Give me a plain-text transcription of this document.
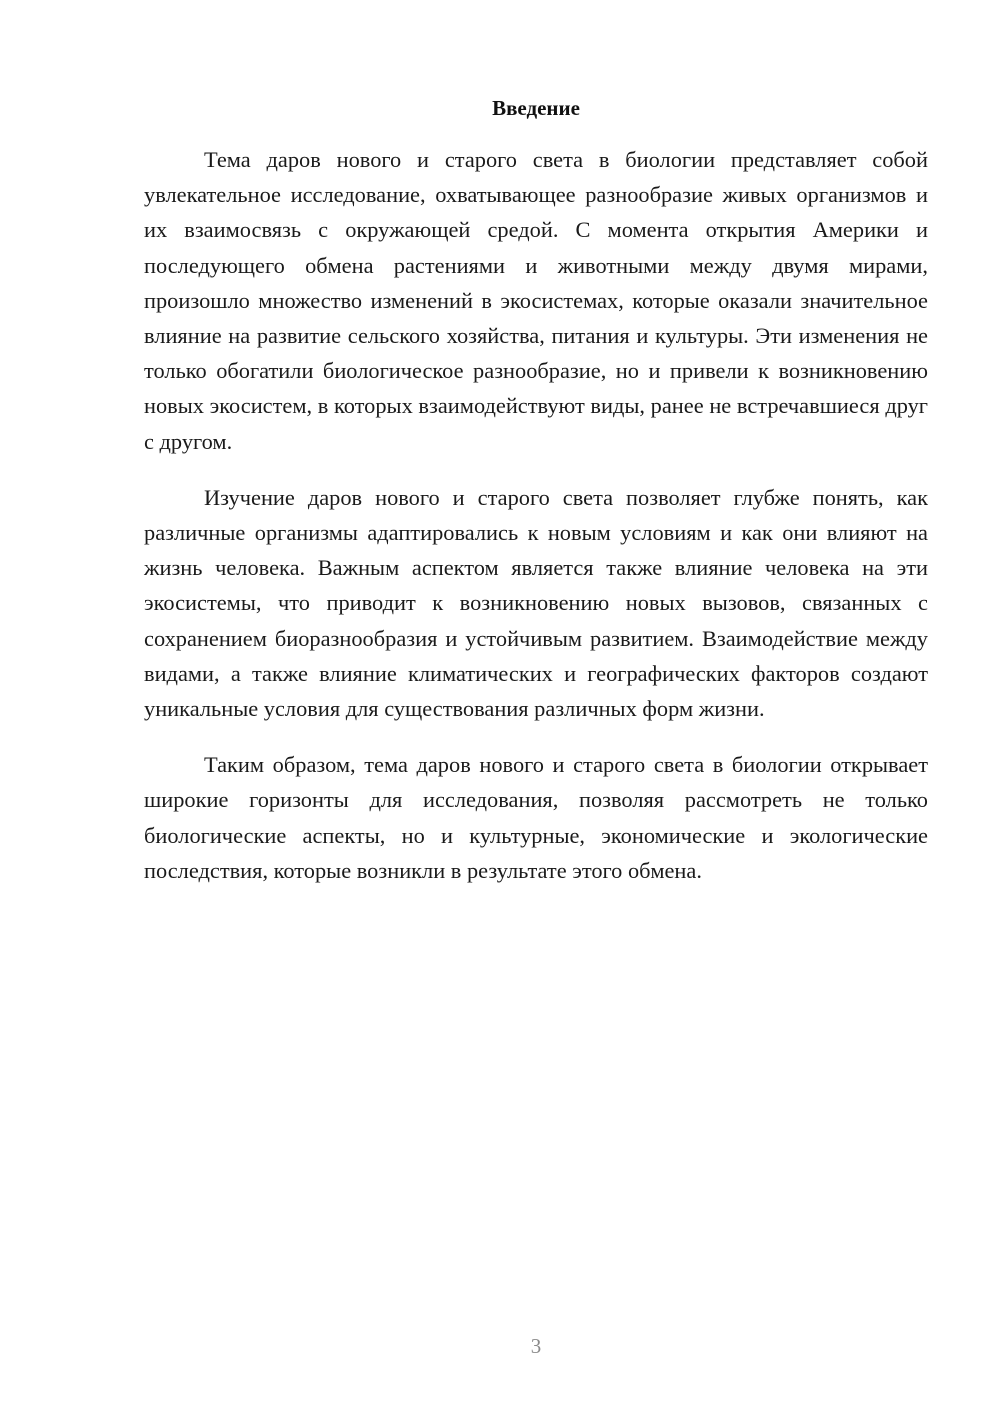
Введение

Тема даров нового и старого света в биологии представляет собой увлекательное исследование, охватывающее разнообразие живых организмов и их взаимосвязь с окружающей средой. С момента открытия Америки и последующего обмена растениями и животными между двумя мирами, произошло множество изменений в экосистемах, которые оказали значительное влияние на развитие сельского хозяйства, питания и культуры. Эти изменения не только обогатили биологическое разнообразие, но и привели к возникновению новых экосистем, в которых взаимодействуют виды, ранее не встречавшиеся друг с другом.

Изучение даров нового и старого света позволяет глубже понять, как различные организмы адаптировались к новым условиям и как они влияют на жизнь человека. Важным аспектом является также влияние человека на эти экосистемы, что приводит к возникновению новых вызовов, связанных с сохранением биоразнообразия и устойчивым развитием. Взаимодействие между видами, а также влияние климатических и географических факторов создают уникальные условия для существования различных форм жизни.

Таким образом, тема даров нового и старого света в биологии открывает широкие горизонты для исследования, позволяя рассмотреть не только биологические аспекты, но и культурные, экономические и экологические последствия, которые возникли в результате этого обмена.

3
